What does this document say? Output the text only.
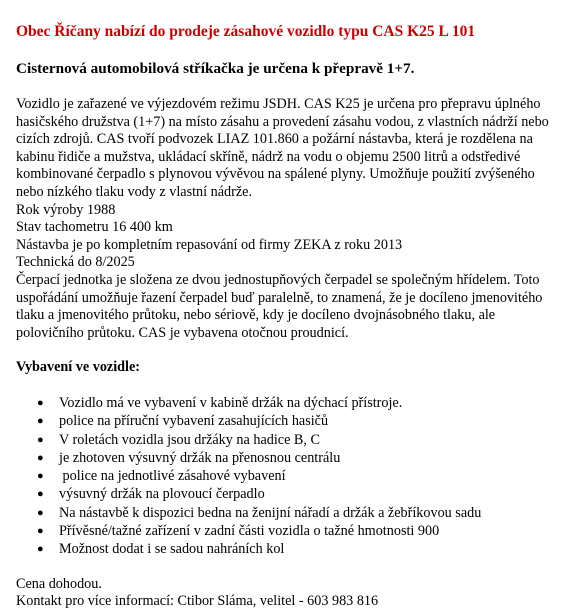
Obec Říčany nabízí do prodeje zásahové vozidlo typu CAS K25 L 101
Cisternová automobilová stříkačka je určena k přepravě 1+7.
Vozidlo je zařazené ve výjezdovém režimu JSDH. CAS K25 je určena pro přepravu úplného
hasičského družstva (1+7) na místo zásahu a provedení zásahu vodou, z vlastních nádrží nebo
cizích zdrojů. CAS tvoří podvozek LIAZ 101.860 a požární nástavba, která je rozdělena na
kabinu řidiče a mužstva, ukládací skříně, nádrž na vodu o objemu 2500 litrů a odstředivé
kombinované čerpadlo s plynovou vývěvou na spálené plyny. Umožňuje použití zvýšeného
nebo nízkého tlaku vody z vlastní nádrže.
Rok výroby 1988
Stav tachometru 16 400 km
Nástavba je po kompletním repasování od firmy ZEKA z roku 2013
Technická do 8/2025
Čerpací jednotka je složena ze dvou jednostupňových čerpadel se společným hřídelem. Toto
uspořádání umožňuje řazení čerpadel buď paralelně, to znamená, že je docíleno jmenovitého
tlaku a jmenovitého průtoku, nebo sériově, kdy je docíleno dvojnásobného tlaku, ale
polovičního průtoku. CAS je vybavena otočnou proudnicí.
Vybavení ve vozidle:
● Vozidlo má ve vybavení v kabině držák na dýchací přístroje.
● police na příruční vybavení zasahujících hasičů
● V roletách vozidla jsou držáky na hadice B, C
● je zhotoven výsuvný držák na přenosnou centrálu
● police na jednotlivé zásahové vybavení
● výsuvný držák na plovoucí čerpadlo
● Na nástavbě k dispozici bedna na ženijní nářadí a držák a žebříkovou sadu
● Přívěsné/tažné zařízení v zadní části vozidla o tažné hmotnosti 900
● Možnost dodat i se sadou nahráních kol
Cena dohodou.
Kontakt pro více informací: Ctibor Sláma, velitel - 603 983 816
